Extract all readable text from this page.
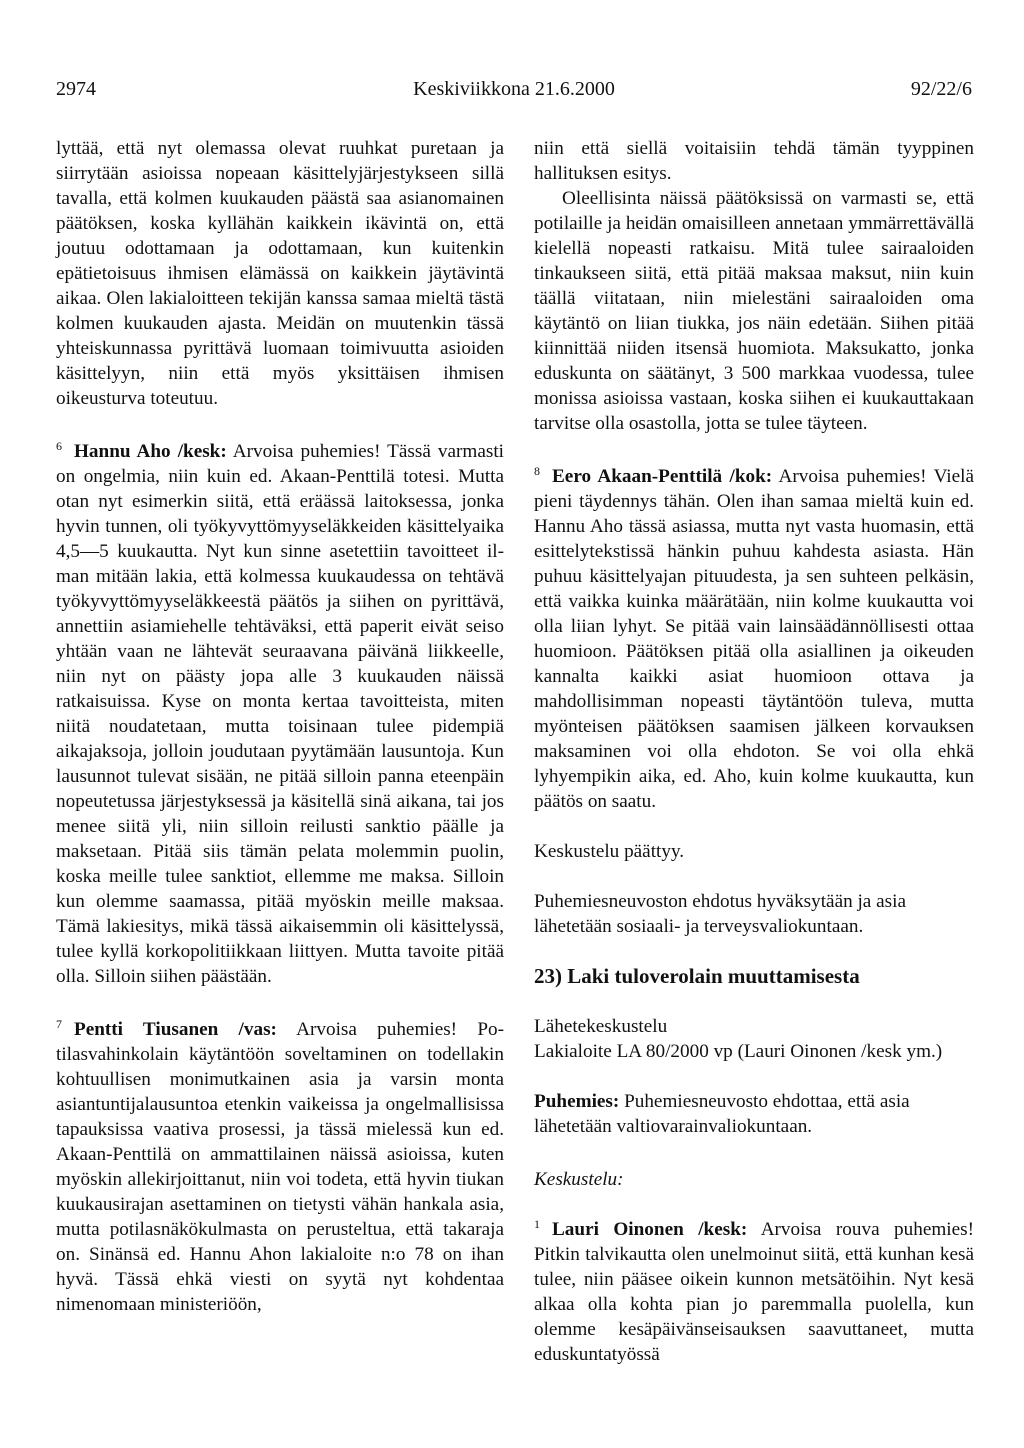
2974	Keskiviikkona 21.6.2000	92/22/6

lyttää, että nyt olemassa olevat ruuhkat puretaan ja siirrytään asioissa nopeaan käsittelyjärjestykseen sillä tavalla, että kolmen kuukauden päästä saa asianomainen päätöksen, koska kyllähän kaikkein ikävintä on, että joutuu odottamaan ja odottamaan, kun kuitenkin epätietoisuus ihmisen elämässä on kaikkein jäytävintä aikaa. Olen lakialoitteen tekijän kanssa samaa mieltä tästä kolmen kuukauden ajasta. Meidän on muutenkin tässä yhteiskunnassa pyrittävä luomaan toimivuutta asioiden käsittelyyn, niin että myös yksittäisen ihmisen oikeusturva toteutuu.

$^6$ Hannu Aho /kesk: Arvoisa puhemies! Tässä varmasti on ongelmia, niin kuin ed. Akaan-Penttilä totesi. Mutta otan nyt esimerkin siitä, että eräässä laitoksessa, jonka hyvin tunnen, oli työkyvyttömyyseläkkeiden käsittelyaika 4,5—5 kuukautta. Nyt kun sinne asetettiin tavoitteet ilman mitään lakia, että kolmessa kuukaudessa on tehtävä työkyvyttömyyseläkkeestä päätös ja siihen on pyrittävä, annettiin asiamiehelle tehtäväksi, että paperit eivät seiso yhtään vaan ne lähtevät seuraavana päivänä liikkeelle, niin nyt on päästy jopa alle 3 kuukauden näissä ratkaisuissa. Kyse on monta kertaa tavoitteista, miten niitä noudatetaan, mutta toisinaan tulee pidempiä aikajaksoja, jolloin joudutaan pyytämään lausuntoja. Kun lausunnot tulevat sisään, ne pitää silloin panna eteenpäin nopeutetussa järjestyksessä ja käsitellä sinä aikana, tai jos menee siitä yli, niin silloin reilusti sanktio päälle ja maksetaan. Pitää siis tämän pelata molemmin puolin, koska meille tulee sanktiot, ellemme me maksa. Silloin kun olemme saamassa, pitää myöskin meille maksaa. Tämä lakiesitys, mikä tässä aikaisemmin oli käsittelyssä, tulee kyllä korkopolitiikkaan liittyen. Mutta tavoite pitää olla. Silloin siihen päästään.

$^7$ Pentti Tiusanen /vas: Arvoisa puhemies! Potilasvahinkolain käytäntöön soveltaminen on todellakin kohtuullisen monimutkainen asia ja varsin monta asiantuntijalausuntoa etenkin vaikeissa ja ongelmallisissa tapauksissa vaativa prosessi, ja tässä mielessä kun ed. Akaan-Penttilä on ammattilainen näissä asioissa, kuten myöskin allekirjoittanut, niin voi todeta, että hyvin tiukan kuukausirajan asettaminen on tietysti vähän hankala asia, mutta potilasnäkökulmasta on perusteltua, että takaraja on. Sinänsä ed. Hannu Ahon lakialoite n:o 78 on ihan hyvä. Tässä ehkä viesti on syytä nyt kohdentaa nimenomaan ministeriöön,

niin että siellä voitaisiin tehdä tämän tyyppinen hallituksen esitys.

Oleellisinta näissä päätöksissä on varmasti se, että potilaille ja heidän omaisilleen annetaan ymmärrettävällä kielellä nopeasti ratkaisu. Mitä tulee sairaaloiden tinkaukseen siitä, että pitää maksaa maksut, niin kuin täällä viitataan, niin mielestäni sairaaloiden oma käytäntö on liian tiukka, jos näin edetään. Siihen pitää kiinnittää niiden itsensä huomiota. Maksukatto, jonka eduskunta on säätänyt, 3 500 markkaa vuodessa, tulee monissa asioissa vastaan, koska siihen ei kuukauttakaan tarvitse olla osastolla, jotta se tulee täyteen.

$^8$ Eero Akaan-Penttilä /kok: Arvoisa puhemies! Vielä pieni täydennys tähän. Olen ihan samaa mieltä kuin ed. Hannu Aho tässä asiassa, mutta nyt vasta huomasin, että esittelytekstissä hänkin puhuu kahdesta asiasta. Hän puhuu käsittelyajan pituudesta, ja sen suhteen pelkäsin, että vaikka kuinka määrätään, niin kolme kuukautta voi olla liian lyhyt. Se pitää vain lainsäädännöllisesti ottaa huomioon. Päätöksen pitää olla asiallinen ja oikeuden kannalta kaikki asiat huomioon ottava ja mahdollisimman nopeasti täytäntöön tuleva, mutta myönteisen päätöksen saamisen jälkeen korvauksen maksaminen voi olla ehdoton. Se voi olla ehkä lyhyempikin aika, ed. Aho, kuin kolme kuukautta, kun päätös on saatu.

Keskustelu päättyy.

Puhemiesneuvoston ehdotus hyväksytään ja asia lähetetään sosiaali- ja terveysvaliokuntaan.

23) Laki tuloverolain muuttamisesta

Lähetekeskustelu

Lakialoite LA 80/2000 vp (Lauri Oinonen /kesk ym.)

Puhemies: Puhemiesneuvosto ehdottaa, että asia lähetetään valtiovarainvaliokuntaan.

Keskustelu:

$^1$ Lauri Oinonen /kesk: Arvoisa rouva puhemies! Pitkin talvikautta olen unelmoinut siitä, että kunhan kesä tulee, niin pääsee oikein kunnon metsätöihin. Nyt kesä alkaa olla kohta pian jo paremmalla puolella, kun olemme kesäpäivänseisauksen saavuttaneet, mutta eduskuntatyössä
